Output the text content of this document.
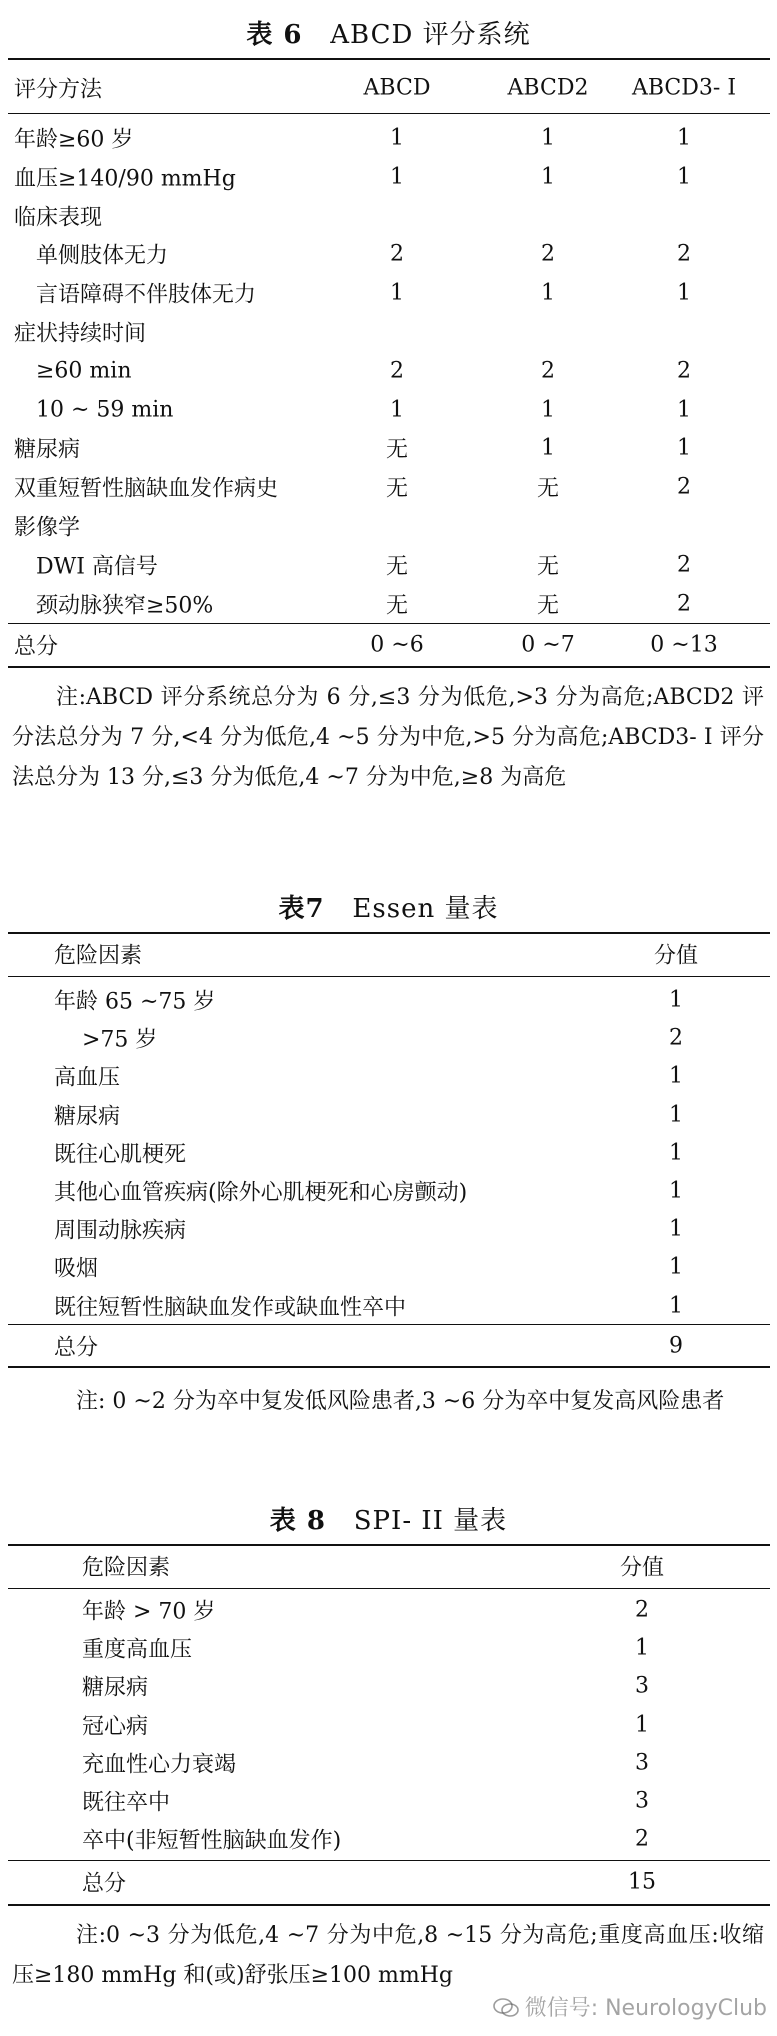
表 6 ABCD 评分系统
评分方法	ABCD	ABCD2 ABCD3- I
年龄≥60 岁	1	1	1
血压≥140/90 mmHg	1	1	1
临床表现
单侧肢体无力	2	2	2
言语障碍不伴肢体无力	1	1	1
症状持续时间
≥60 min	2	2	2
10 ~ 59 min	1	1	1
糖尿病	无	1	1
双重短暂性脑缺血发作病史	无	无	2
影像学
DWI 高信号	无	无	2
颈动脉狭窄≥50%	无	无	2
总分	0 ~6	0 ~7	0 ~13
注:ABCD 评分系统总分为 6 分,≤3 分为低危,>3 分为高危;ABCD2 评分法总分为 7 分,<4 分为低危,4 ~5 分为中危,>5 分为高危;ABCD3- I 评分法总分为 13 分,≤3 分为低危,4 ~7 分为中危,≥8 为高危
表7 Essen 量表
危险因素	分值
年龄 65 ~75 岁	1
>75 岁	2
高血压	1
糖尿病	1
既往心肌梗死	1
其他心血管疾病(除外心肌梗死和心房颤动)	1
周围动脉疾病	1
吸烟	1
既往短暂性脑缺血发作或缺血性卒中	1
总分	9
注: 0 ~2 分为卒中复发低风险患者,3 ~6 分为卒中复发高风险患者
表 8 SPI- II 量表
危险因素	分值
年龄 > 70 岁	2
重度高血压	1
糖尿病	3
冠心病	1
充血性心力衰竭	3
既往卒中	3
卒中(非短暂性脑缺血发作)	2
总分	15
注:0 ~3 分为低危,4 ~7 分为中危,8 ~15 分为高危;重度高血压:收缩压≥180 mmHg 和(或)舒张压≥100 mmHg
微信号: NeurologyClub
